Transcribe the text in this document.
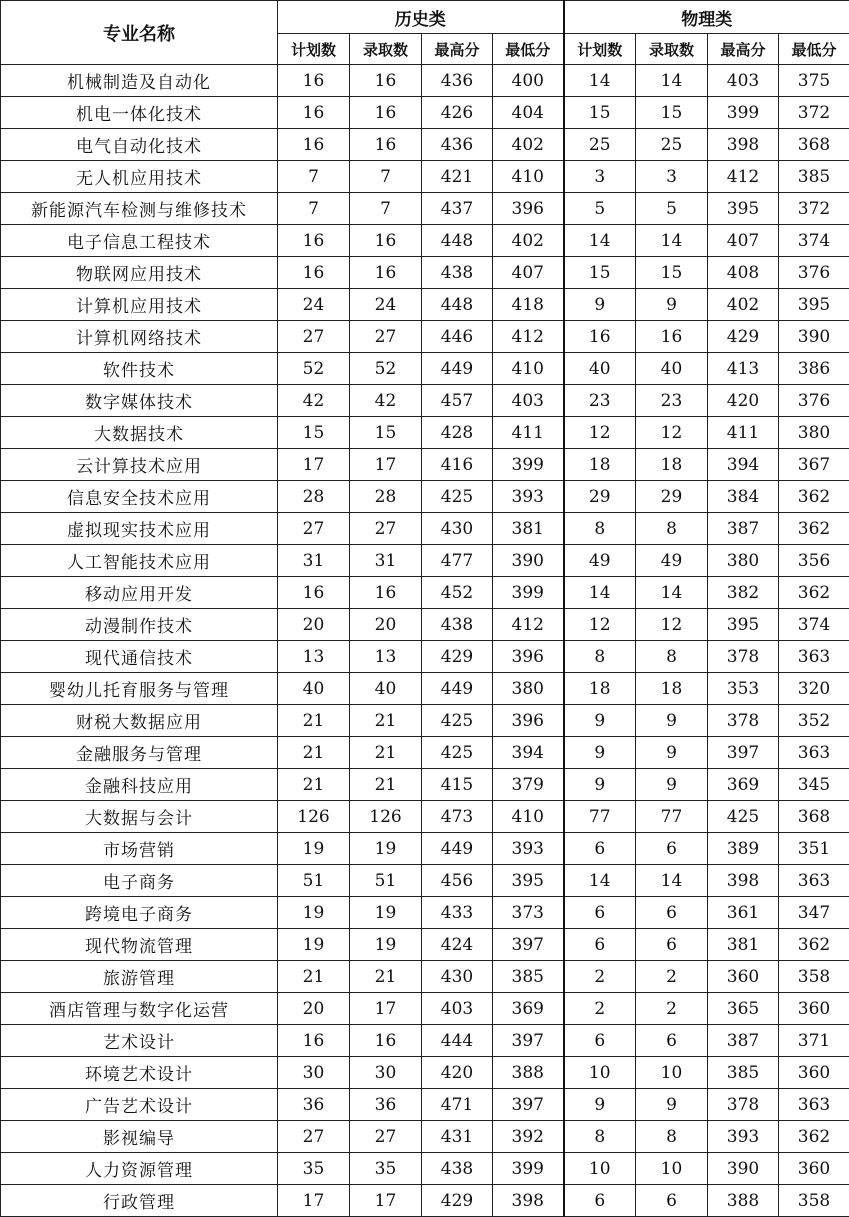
专业名称	历史类				物理类			
	计划数	录取数	最高分	最低分	计划数	录取数	最高分	最低分
机械制造及自动化	16	16	436	400	14	14	403	375
机电一体化技术	16	16	426	404	15	15	399	372
电气自动化技术	16	16	436	402	25	25	398	368
无人机应用技术	7	7	421	410	3	3	412	385
新能源汽车检测与维修技术	7	7	437	396	5	5	395	372
电子信息工程技术	16	16	448	402	14	14	407	374
物联网应用技术	16	16	438	407	15	15	408	376
计算机应用技术	24	24	448	418	9	9	402	395
计算机网络技术	27	27	446	412	16	16	429	390
软件技术	52	52	449	410	40	40	413	386
数字媒体技术	42	42	457	403	23	23	420	376
大数据技术	15	15	428	411	12	12	411	380
云计算技术应用	17	17	416	399	18	18	394	367
信息安全技术应用	28	28	425	393	29	29	384	362
虚拟现实技术应用	27	27	430	381	8	8	387	362
人工智能技术应用	31	31	477	390	49	49	380	356
移动应用开发	16	16	452	399	14	14	382	362
动漫制作技术	20	20	438	412	12	12	395	374
现代通信技术	13	13	429	396	8	8	378	363
婴幼儿托育服务与管理	40	40	449	380	18	18	353	320
财税大数据应用	21	21	425	396	9	9	378	352
金融服务与管理	21	21	425	394	9	9	397	363
金融科技应用	21	21	415	379	9	9	369	345
大数据与会计	126	126	473	410	77	77	425	368
市场营销	19	19	449	393	6	6	389	351
电子商务	51	51	456	395	14	14	398	363
跨境电子商务	19	19	433	373	6	6	361	347
现代物流管理	19	19	424	397	6	6	381	362
旅游管理	21	21	430	385	2	2	360	358
酒店管理与数字化运营	20	17	403	369	2	2	365	360
艺术设计	16	16	444	397	6	6	387	371
环境艺术设计	30	30	420	388	10	10	385	360
广告艺术设计	36	36	471	397	9	9	378	363
影视编导	27	27	431	392	8	8	393	362
人力资源管理	35	35	438	399	10	10	390	360
行政管理	17	17	429	398	6	6	388	358
